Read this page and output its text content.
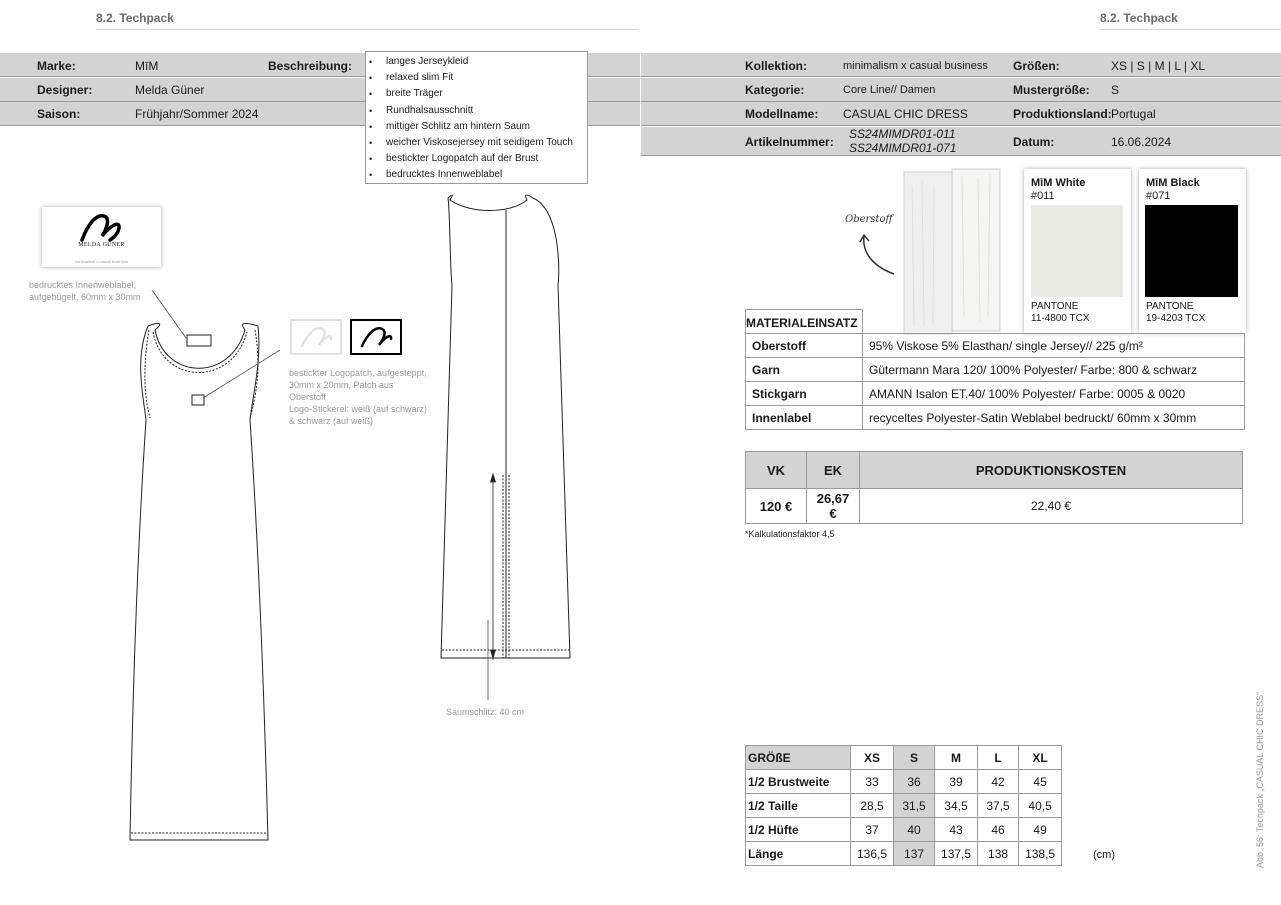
8.2. Techpack	8.2. Techpack
Marke:	MīM
Designer:	Melda Güner
Saison:	Frühjahr/Sommer 2024
Beschreibung:	• langes Jerseykleid
• relaxed slim Fit
• breite Träger
• Rundhalsausschnitt
• mittiger Schlitz am hintern Saum
• weicher Viskosejersey mit seidigem Touch
• bestickter Logopatch auf der Brust
• bedrucktes Innenweblabel
Kollektion:	minimalism x casual business Größen:	XS | S | M | L | XL
Kategorie:	Core Line// Damen	Mustergröße: S
Modellname: CASUAL CHIC DRESS	Produktionsland: Portugal
Artikelnummer:
SS24MIMDR01-011
SS24MIMDR01-071	Datum:	16.06.2024
MELDA GÜNER
minimalism x casual business
bedrucktes Innenweblabel, aufgebügelt, 60mm x 30mm
bestickter Logopatch, aufgesteppt, 30mm x 20mm, Patch aus Oberstoff
Logo-Stickerei: weiß (auf schwarz) & schwarz (auf weiß)
Saumschlitz: 40 cm
Oberstoff
MīM White
#011
PANTONE
11-4800 TCX
MīM Black
#071
PANTONE
19-4203 TCX
MATERIALEINSATZ
Oberstoff	95% Viskose 5% Elasthan/ single Jersey// 225 g/m²
Garn	Gütermann Mara 120/ 100% Polyester/ Farbe: 800 & schwarz
Stickgarn	AMANN Isalon ET.40/ 100% Polyester/ Farbe: 0005 & 0020
Innenlabel	recyceltes Polyester-Satin Weblabel bedruckt/ 60mm x 30mm
VK	EK	PRODUKTIONSKOSTEN
120 €	26,67 €	22,40 €
*Kalkulationsfaktor 4,5
GRÖßE	XS	S	M	L	XL
1/2 Brustweite	33	36	39	42	45
1/2 Taille	28,5	31,5	34,5	37,5	40,5
1/2 Hüfte	37	40	43	46	49
Länge	136,5	137	137,5	138	138,5	(cm)	Abb. 56: Techpack „CASUAL CHIC DRESS“
